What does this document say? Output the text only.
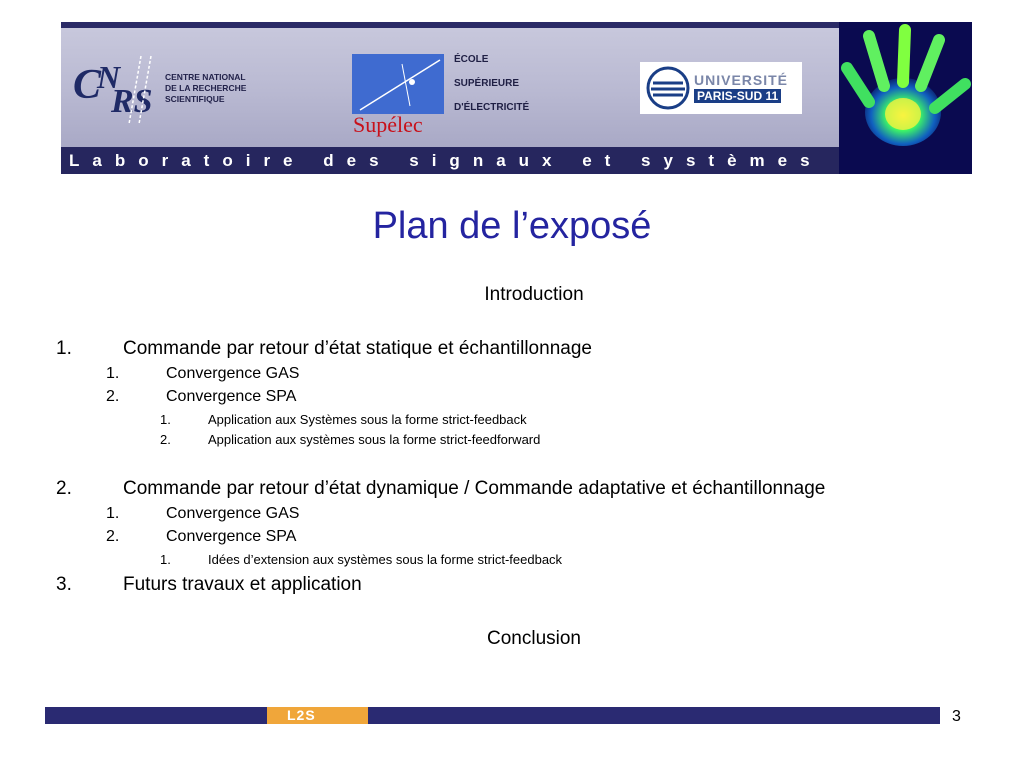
C
N
RS
CENTRE NATIONAL
DE LA RECHERCHE
SCIENTIFIQUE
Supélec
ÉCOLE
SUPÉRIEURE
D'ÉLECTRICITÉ
UNIVERSITÉ
PARIS-SUD 11
Laboratoire des signaux et systèmes
Plan de l’exposé
Introduction
1.	Commande par retour d’état statique et échantillonnage
1.	Convergence GAS
2.	Convergence SPA
1.	Application aux Systèmes sous la forme strict-feedback
2.	Application aux systèmes sous la forme strict-feedforward
2.	Commande par retour d’état dynamique / Commande adaptative et échantillonnage
1.	Convergence GAS
2.	Convergence SPA
1.	Idées d’extension aux systèmes sous la forme strict-feedback
3.	Futurs travaux et application
Conclusion
L2S	3
